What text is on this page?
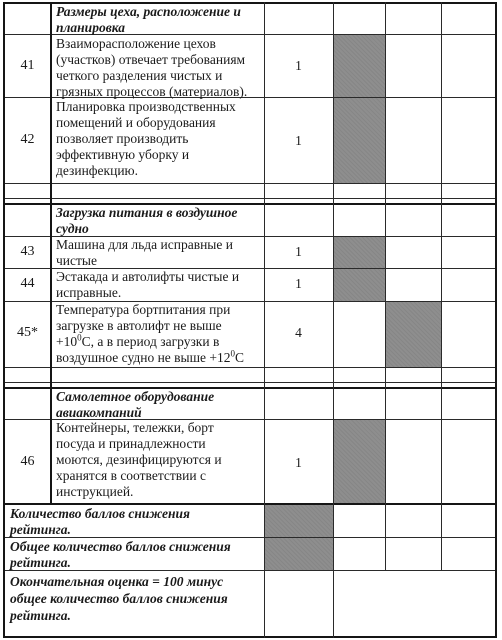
Размеры цеха, расположение и
планировка
41
Взаиморасположение цехов
(участков) отвечает требованиям
четкого разделения чистых и
грязных процессов (материалов).
1
42
Планировка производственных
помещений и оборудования
позволяет производить
эффективную уборку и
дезинфекцию.
1
Загрузка питания в воздушное
судно
43	Машина для льда исправные и
чистые
1
44	Эстакада и автолифты чистые и
исправные.
1
45*
Температура бортпитания при
загрузке в автолифт не выше
$+10^0С$, а в период загрузки в
воздушное судно не выше $+12^0С$
4
Самолетное оборудование
авиакомпаний
46
Контейнеры, тележки, борт
посуда и принадлежности
моются, дезинфицируются и
хранятся в соответствии с
инструкцией.
1
Количество баллов снижения
рейтинга.
Общее количество баллов снижения
рейтинга.
Окончательная оценка = 100 минус
общее количество баллов снижения
рейтинга.
